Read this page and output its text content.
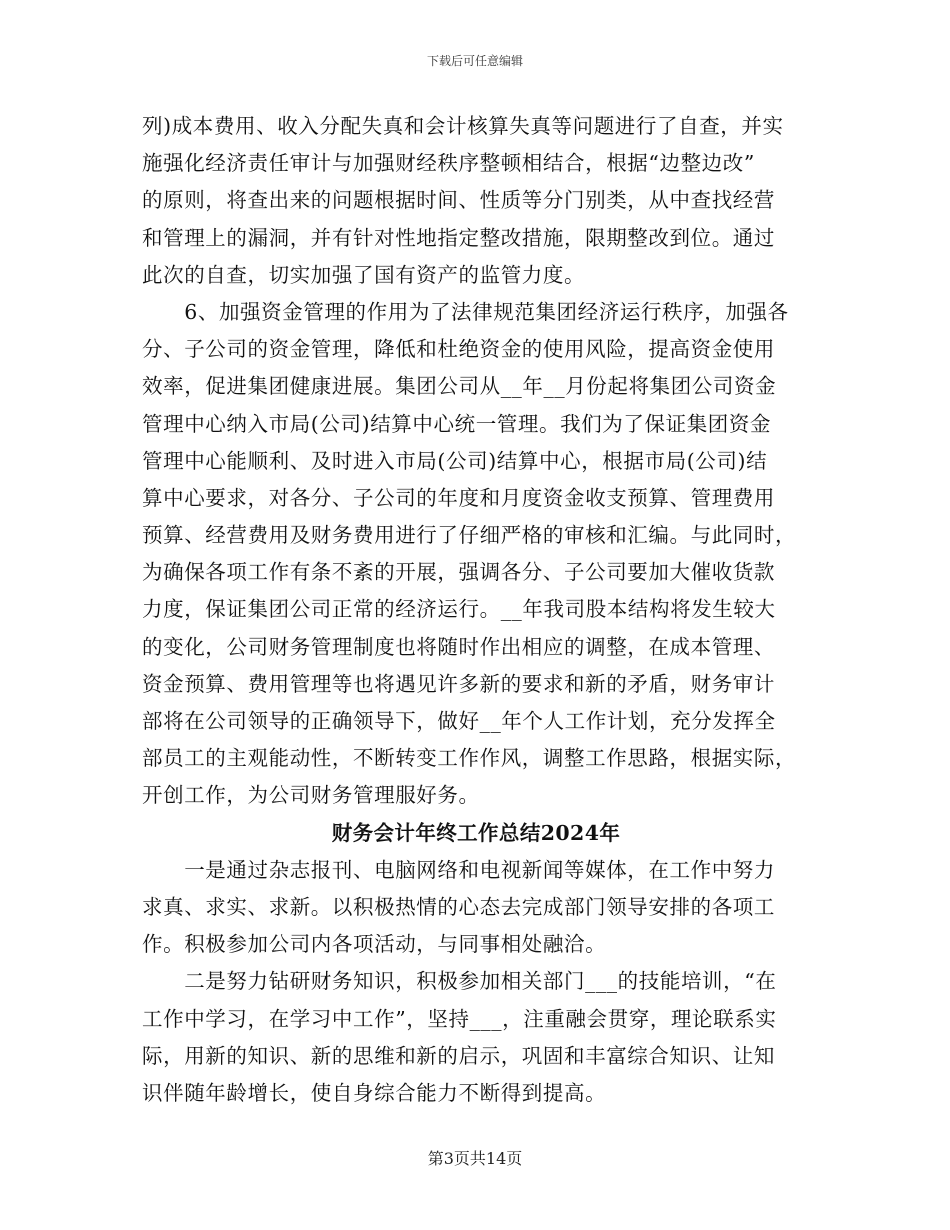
下载后可任意编辑

列)成本费用、收入分配失真和会计核算失真等问题进行了自查，并实
施强化经济责任审计与加强财经秩序整顿相结合，根据“边整边改”
的原则，将查出来的问题根据时间、性质等分门别类，从中查找经营
和管理上的漏洞，并有针对性地指定整改措施，限期整改到位。通过
此次的自查，切实加强了国有资产的监管力度。

　　6、加强资金管理的作用为了法律规范集团经济运行秩序，加强各
分、子公司的资金管理，降低和杜绝资金的使用风险，提高资金使用
效率，促进集团健康进展。集团公司从__年__月份起将集团公司资金
管理中心纳入市局(公司)结算中心统一管理。我们为了保证集团资金
管理中心能顺利、及时进入市局(公司)结算中心，根据市局(公司)结
算中心要求，对各分、子公司的年度和月度资金收支预算、管理费用
预算、经营费用及财务费用进行了仔细严格的审核和汇编。与此同时，
为确保各项工作有条不紊的开展，强调各分、子公司要加大催收货款
力度，保证集团公司正常的经济运行。__年我司股本结构将发生较大
的变化，公司财务管理制度也将随时作出相应的调整，在成本管理、
资金预算、费用管理等也将遇见许多新的要求和新的矛盾，财务审计
部将在公司领导的正确领导下，做好__年个人工作计划，充分发挥全
部员工的主观能动性，不断转变工作作风，调整工作思路，根据实际，
开创工作，为公司财务管理服好务。

财务会计年终工作总结2024年

　　一是通过杂志报刊、电脑网络和电视新闻等媒体，在工作中努力
求真、求实、求新。以积极热情的心态去完成部门领导安排的各项工
作。积极参加公司内各项活动，与同事相处融洽。

　　二是努力钻研财务知识，积极参加相关部门___的技能培训，“在
工作中学习，在学习中工作”，坚持___，注重融会贯穿，理论联系实
际，用新的知识、新的思维和新的启示，巩固和丰富综合知识、让知
识伴随年龄增长，使自身综合能力不断得到提高。

第3页共14页
